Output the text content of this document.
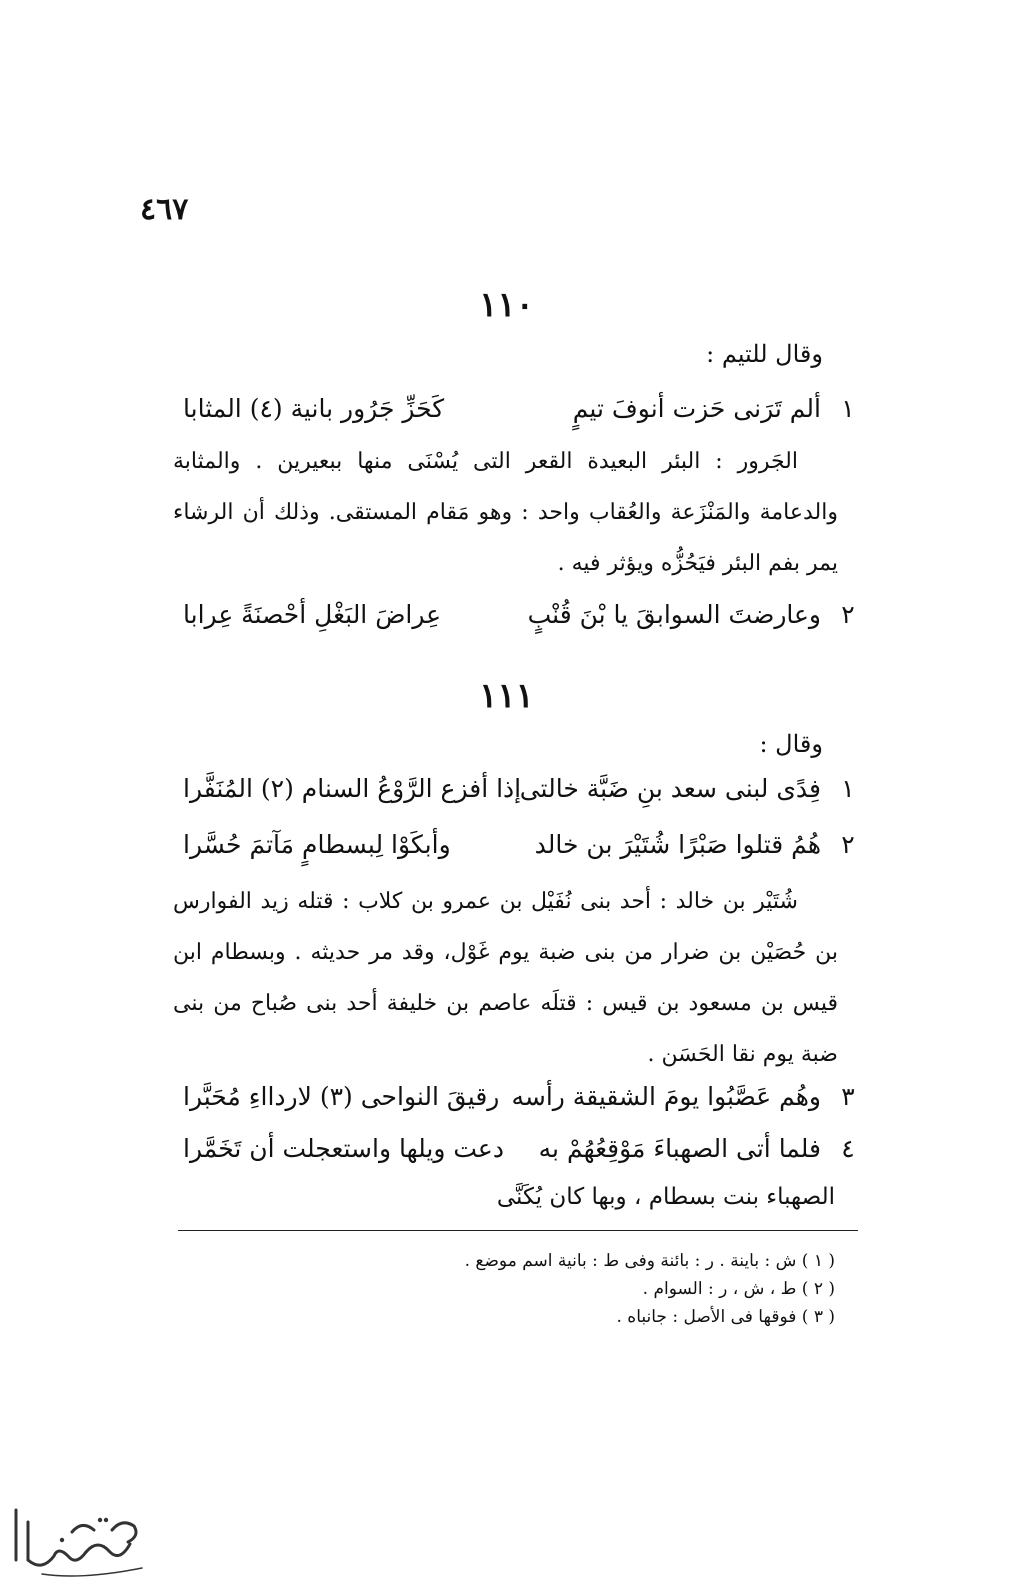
٤٦٧
١١٠
وقال للتيم :
١
ألم تَرَنى حَزت أنوفَ تيمٍ
كَحَزِّ جَرُور بانية (٤) المثابا
الجَرور : البئر البعيدة القعر التى يُسْنَى منها ببعيرين . والمثابة والدعامة والمَنْزَعة والعُقاب واحد : وهو مَقام المستقى. وذلك أن الرشاء يمر بفم البئر فيَحُزُّه ويؤثر فيه .
٢
وعارضتَ السوابقَ يا بْنَ قُنْبٍ
عِراضَ البَغْلِ أحْصنَةً عِرابا
١١١
وقال :
١
فِدًى لبنى سعد بنِ ضَبَّة خالتى
إذا أفزع الرَّوْعُ السنام (٢) المُنَفَّرا
٢
هُمُ قتلوا صَبْرًا شُتَيْرَ بن خالد
وأبكَوْا لِبسطامٍ مَآتمَ حُسَّرا
شُتَيْر بن خالد : أحد بنى نُفَيْل بن عمرو بن كلاب : قتله زيد الفوارس بن حُصَيْن بن ضرار من بنى ضبة يوم غَوْل، وقد مر حديثه . وبسطام ابن قيس بن مسعود بن قيس : قتلَه عاصم بن خليفة أحد بنى صُباح من بنى ضبة يوم نقا الحَسَن .
٣
وهُم عَصَّبُوا يومَ الشقيقة رأسه
رقيقَ النواحى (٣) لاردااءِ مُحَبَّرا
٤
فلما أتى الصهباءَ مَوْقِعُهُمْ به
دعت ويلها واستعجلت أن تَخَمَّرا
الصهباء بنت بسطام ، وبها كان يُكَنَّى
( ١ ) ش : باينة . ر : بائنة وفى ط : بانية اسم موضع .
( ٢ ) ط ، ش ، ر : السوام .
( ٣ ) فوقها فى الأصل : جانباه .
